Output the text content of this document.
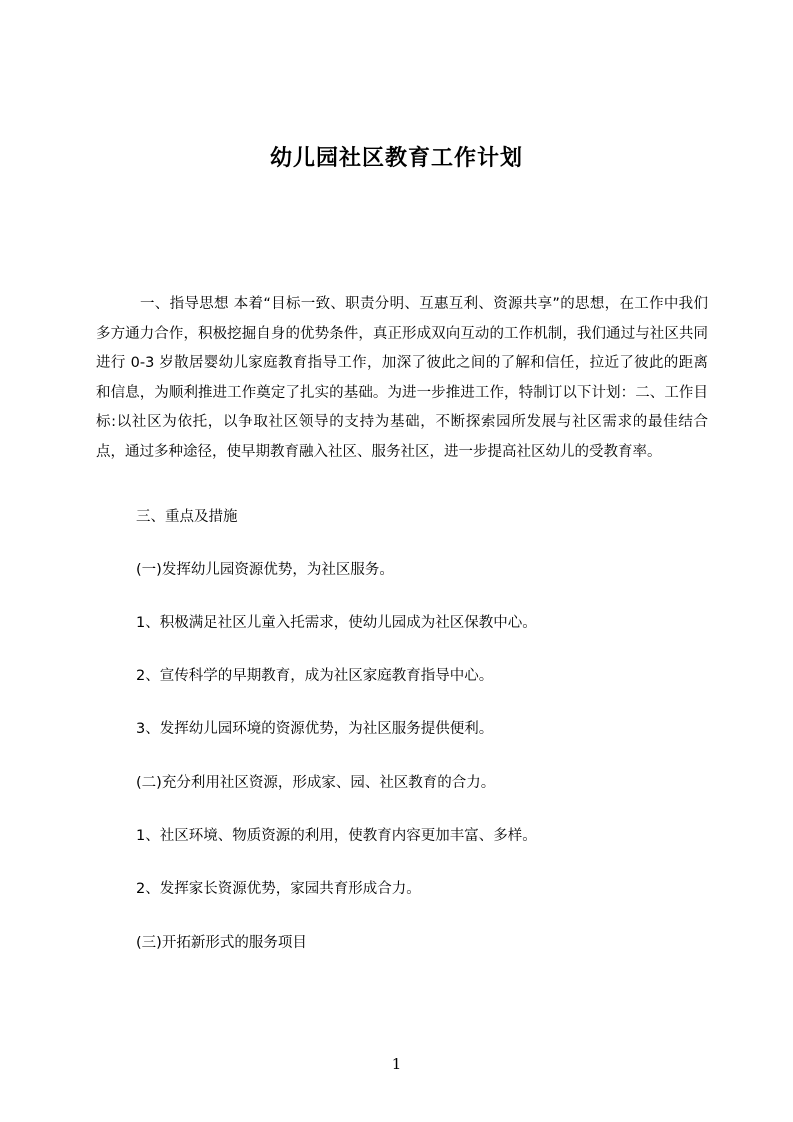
幼儿园社区教育工作计划
一、指导思想 本着“目标一致、职责分明、互惠互利、资源共享”的思想，在工作中我们多方通力合作，积极挖掘自身的优势条件，真正形成双向互动的工作机制，我们通过与社区共同进行 0-3 岁散居婴幼儿家庭教育指导工作，加深了彼此之间的了解和信任，拉近了彼此的距离和信息，为顺利推进工作奠定了扎实的基础。为进一步推进工作，特制订以下计划：二、工作目标:以社区为依托，以争取社区领导的支持为基础，不断探索园所发展与社区需求的最佳结合点，通过多种途径，使早期教育融入社区、服务社区，进一步提高社区幼儿的受教育率。
三、重点及措施
(一)发挥幼儿园资源优势，为社区服务。
1、积极满足社区儿童入托需求，使幼儿园成为社区保教中心。
2、宣传科学的早期教育，成为社区家庭教育指导中心。
3、发挥幼儿园环境的资源优势，为社区服务提供便利。
(二)充分利用社区资源，形成家、园、社区教育的合力。
1、社区环境、物质资源的利用，使教育内容更加丰富、多样。
2、发挥家长资源优势，家园共育形成合力。
(三)开拓新形式的服务项目
1
